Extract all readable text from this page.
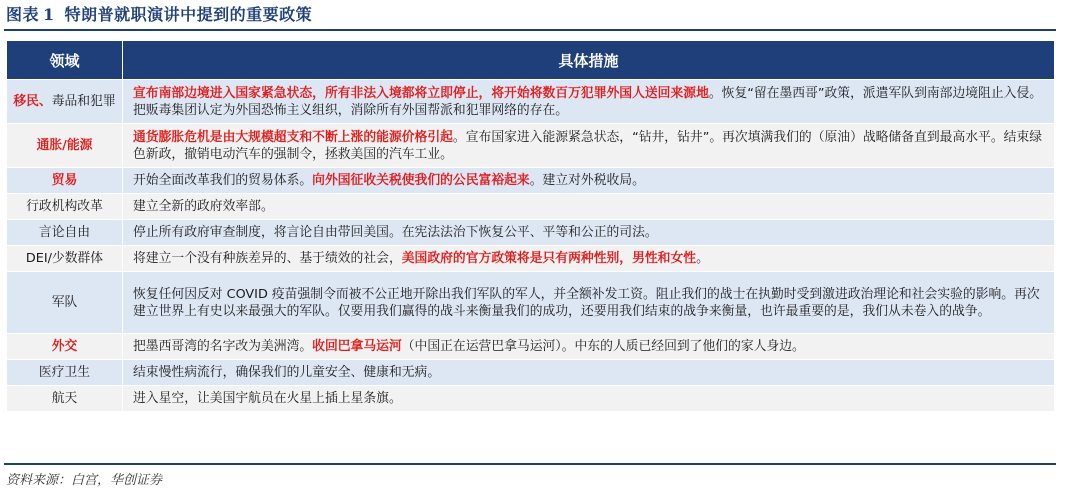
图表 1 特朗普就职演讲中提到的重要政策
领域	具体措施
移民、毒品和犯罪	宣布南部边境进入国家紧急状态，所有非法入境都将立即停止，将开始将数百万犯罪外国人送回来源地。恢复“留在墨西哥”政策，派遣军队到南部边境阻止入侵。把贩毒集团认定为外国恐怖主义组织，消除所有外国帮派和犯罪网络的存在。
通胀/能源	通货膨胀危机是由大规模超支和不断上涨的能源价格引起。宣布国家进入能源紧急状态，“钻井，钻井”。再次填满我们的（原油）战略储备直到最高水平。结束绿色新政，撤销电动汽车的强制令，拯救美国的汽车工业。
贸易	开始全面改革我们的贸易体系。向外国征收关税使我们的公民富裕起来。建立对外税收局。
行政机构改革	建立全新的政府效率部。
言论自由	停止所有政府审查制度，将言论自由带回美国。在宪法法治下恢复公平、平等和公正的司法。
DEI/少数群体	将建立一个没有种族差异的、基于绩效的社会，美国政府的官方政策将是只有两种性别，男性和女性。
军队	恢复任何因反对 COVID 疫苗强制令而被不公正地开除出我们军队的军人，并全额补发工资。阻止我们的战士在执勤时受到激进政治理论和社会实验的影响。再次建立世界上有史以来最强大的军队。仅要用我们赢得的战斗来衡量我们的成功，还要用我们结束的战争来衡量，也许最重要的是，我们从未卷入的战争。
外交	把墨西哥湾的名字改为美洲湾。收回巴拿马运河（中国正在运营巴拿马运河）。中东的人质已经回到了他们的家人身边。
医疗卫生	结束慢性病流行，确保我们的儿童安全、健康和无病。
航天	进入星空，让美国宇航员在火星上插上星条旗。
资料来源：白宫，华创证券
